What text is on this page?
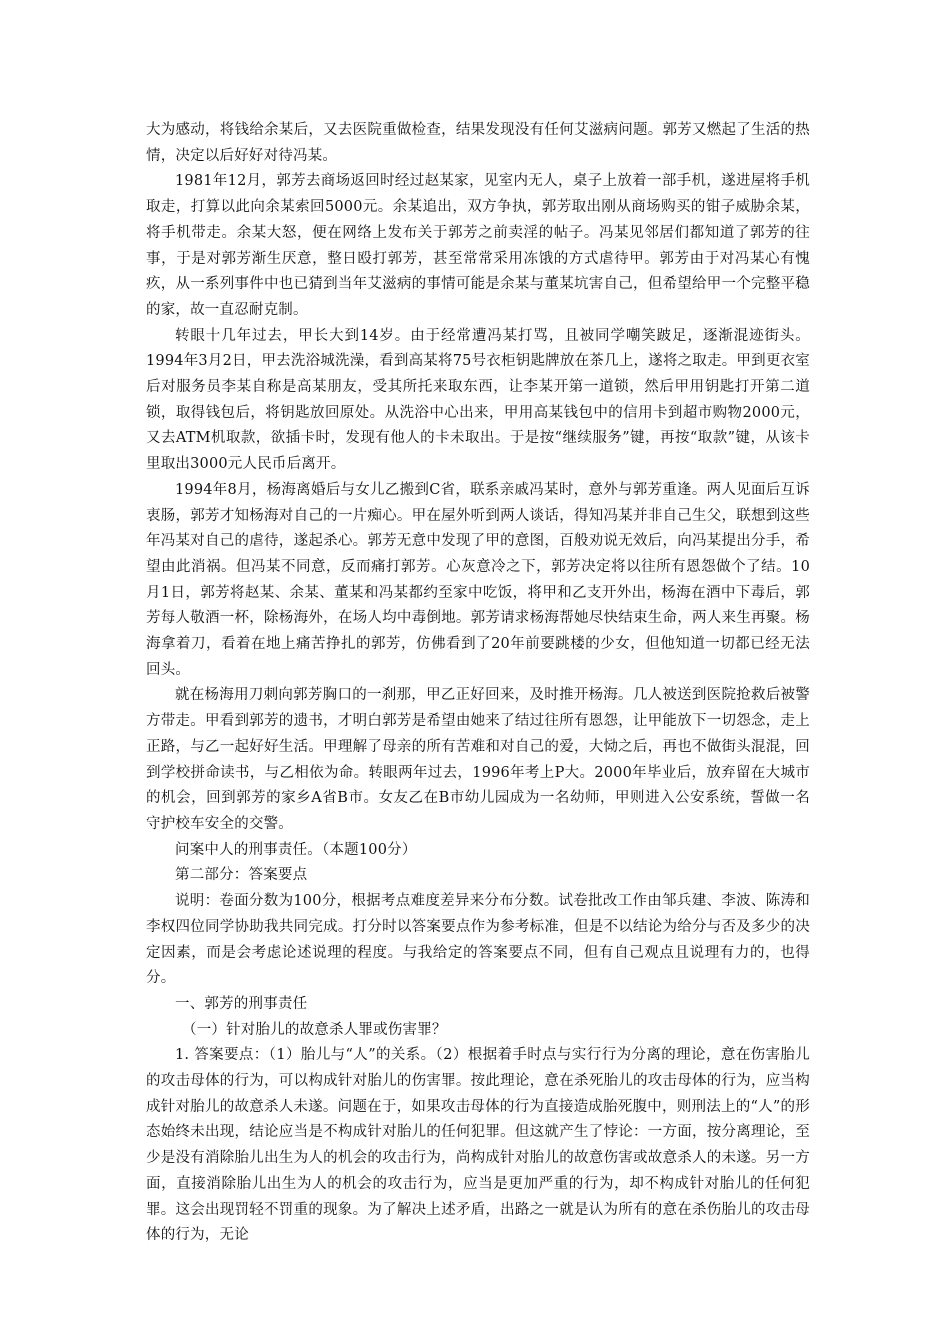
大为感动，将钱给余某后，又去医院重做检查，结果发现没有任何艾滋病问题。郭芳又燃起了生活的热情，决定以后好好对待冯某。

1981年12月，郭芳去商场返回时经过赵某家，见室内无人，桌子上放着一部手机，遂进屋将手机取走，打算以此向余某索回5000元。余某追出，双方争执，郭芳取出刚从商场购买的钳子威胁余某，将手机带走。余某大怒，便在网络上发布关于郭芳之前卖淫的帖子。冯某见邻居们都知道了郭芳的往事，于是对郭芳渐生厌意，整日殴打郭芳，甚至常常采用冻饿的方式虐待甲。郭芳由于对冯某心有愧疚，从一系列事件中也已猜到当年艾滋病的事情可能是余某与董某坑害自己，但希望给甲一个完整平稳的家，故一直忍耐克制。

转眼十几年过去，甲长大到14岁。由于经常遭冯某打骂，且被同学嘲笑跛足，逐渐混迹街头。1994年3月2日，甲去洗浴城洗澡，看到高某将75号衣柜钥匙牌放在茶几上，遂将之取走。甲到更衣室后对服务员李某自称是高某朋友，受其所托来取东西，让李某开第一道锁，然后甲用钥匙打开第二道锁，取得钱包后，将钥匙放回原处。从洗浴中心出来，甲用高某钱包中的信用卡到超市购物2000元，又去ATM机取款，欲插卡时，发现有他人的卡未取出。于是按“继续服务”键，再按“取款”键，从该卡里取出3000元人民币后离开。

1994年8月，杨海离婚后与女儿乙搬到C省，联系亲戚冯某时，意外与郭芳重逢。两人见面后互诉衷肠，郭芳才知杨海对自己的一片痴心。甲在屋外听到两人谈话，得知冯某并非自己生父，联想到这些年冯某对自己的虐待，遂起杀心。郭芳无意中发现了甲的意图，百般劝说无效后，向冯某提出分手，希望由此消祸。但冯某不同意，反而痛打郭芳。心灰意冷之下，郭芳决定将以往所有恩怨做个了结。10月1日，郭芳将赵某、余某、董某和冯某都约至家中吃饭，将甲和乙支开外出，杨海在酒中下毒后，郭芳每人敬酒一杯，除杨海外，在场人均中毒倒地。郭芳请求杨海帮她尽快结束生命，两人来生再聚。杨海拿着刀，看着在地上痛苦挣扎的郭芳，仿佛看到了20年前要跳楼的少女，但他知道一切都已经无法回头。

就在杨海用刀刺向郭芳胸口的一刹那，甲乙正好回来，及时推开杨海。几人被送到医院抢救后被警方带走。甲看到郭芳的遗书，才明白郭芳是希望由她来了结过往所有恩怨，让甲能放下一切怨念，走上正路，与乙一起好好生活。甲理解了母亲的所有苦难和对自己的爱，大恸之后，再也不做街头混混，回到学校拼命读书，与乙相依为命。转眼两年过去，1996年考上P大。2000年毕业后，放弃留在大城市的机会，回到郭芳的家乡A省B市。女友乙在B市幼儿园成为一名幼师，甲则进入公安系统，誓做一名守护校车安全的交警。

问案中人的刑事责任。（本题100分）

第二部分：答案要点

说明：卷面分数为100分，根据考点难度差异来分布分数。试卷批改工作由邹兵建、李波、陈涛和李权四位同学协助我共同完成。打分时以答案要点作为参考标准，但是不以结论为给分与否及多少的决定因素，而是会考虑论述说理的程度。与我给定的答案要点不同，但有自己观点且说理有力的，也得分。

一、郭芳的刑事责任

（一）针对胎儿的故意杀人罪或伤害罪？

1. 答案要点：（1）胎儿与“人”的关系。（2）根据着手时点与实行行为分离的理论，意在伤害胎儿的攻击母体的行为，可以构成针对胎儿的伤害罪。按此理论，意在杀死胎儿的攻击母体的行为，应当构成针对胎儿的故意杀人未遂。问题在于，如果攻击母体的行为直接造成胎死腹中，则刑法上的“人”的形态始终未出现，结论应当是不构成针对胎儿的任何犯罪。但这就产生了悖论：一方面，按分离理论，至少是没有消除胎儿出生为人的机会的攻击行为，尚构成针对胎儿的故意伤害或故意杀人的未遂。另一方面，直接消除胎儿出生为人的机会的攻击行为，应当是更加严重的行为，却不构成针对胎儿的任何犯罪。这会出现罚轻不罚重的现象。为了解决上述矛盾，出路之一就是认为所有的意在杀伤胎儿的攻击母体的行为，无论
